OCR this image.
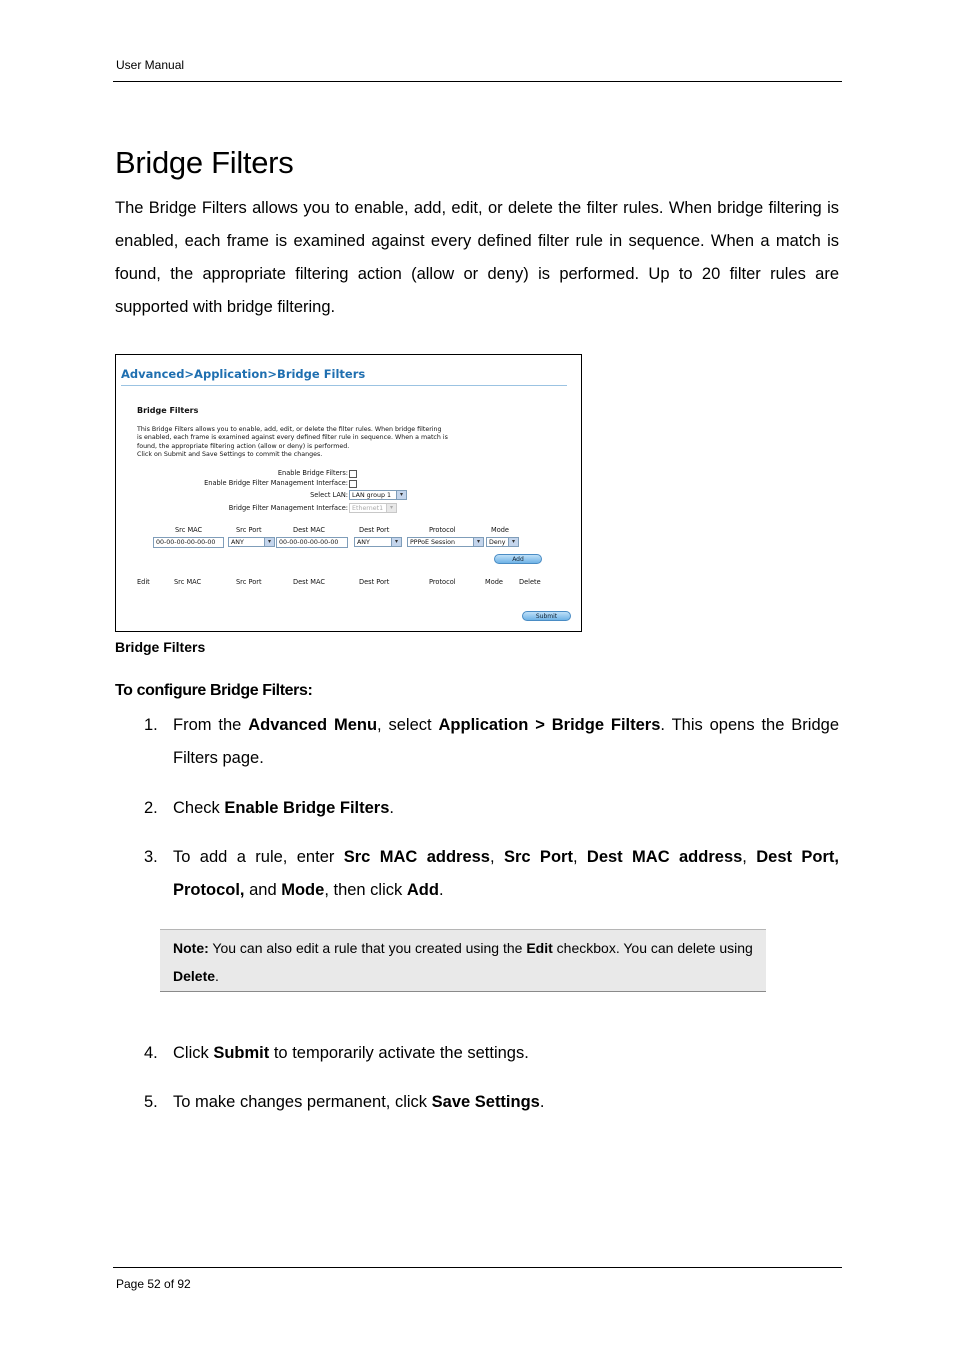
User Manual
Bridge Filters
The Bridge Filters allows you to enable, add, edit, or delete the filter rules. When bridge filtering is enabled, each frame is examined against every defined filter rule in sequence. When a match is found, the appropriate filtering action (allow or deny) is performed. Up to 20 filter rules are supported with bridge filtering.
Advanced>Application>Bridge Filters
Bridge Filters
This Bridge Filters allows you to enable, add, edit, or delete the filter rules. When bridge filtering
is enabled, each frame is examined against every defined filter rule in sequence. When a match is
found, the appropriate filtering action (allow or deny) is performed.
Click on Submit and Save Settings to commit the changes.
Enable Bridge Filters:
Enable Bridge Filter Management Interface:
Select LAN: LAN group 1	▾
Bridge Filter Management Interface: Ethernet1	▾
Src MAC	Src Port	Dest MAC	Dest Port	Protocol	Mode
00-00-00-00-00-00	ANY	▾	00-00-00-00-00-00	ANY	▾	PPPoE Session	▾	Deny	▾
Add
Edit	Src MAC	Src Port	Dest MAC	Dest Port	Protocol	Mode Delete
Submit
Bridge Filters
To configure Bridge Filters:
1. From the Advanced Menu, select Application > Bridge Filters. This opens the Bridge Filters page.
2. Check Enable Bridge Filters.
3. To add a rule, enter Src MAC address, Src Port, Dest MAC address, Dest Port, Protocol, and Mode, then click Add.
Note: You can also edit a rule that you created using the Edit checkbox. You can delete using
Delete.
4. Click Submit to temporarily activate the settings.
5. To make changes permanent, click Save Settings.
Page 52 of 92
